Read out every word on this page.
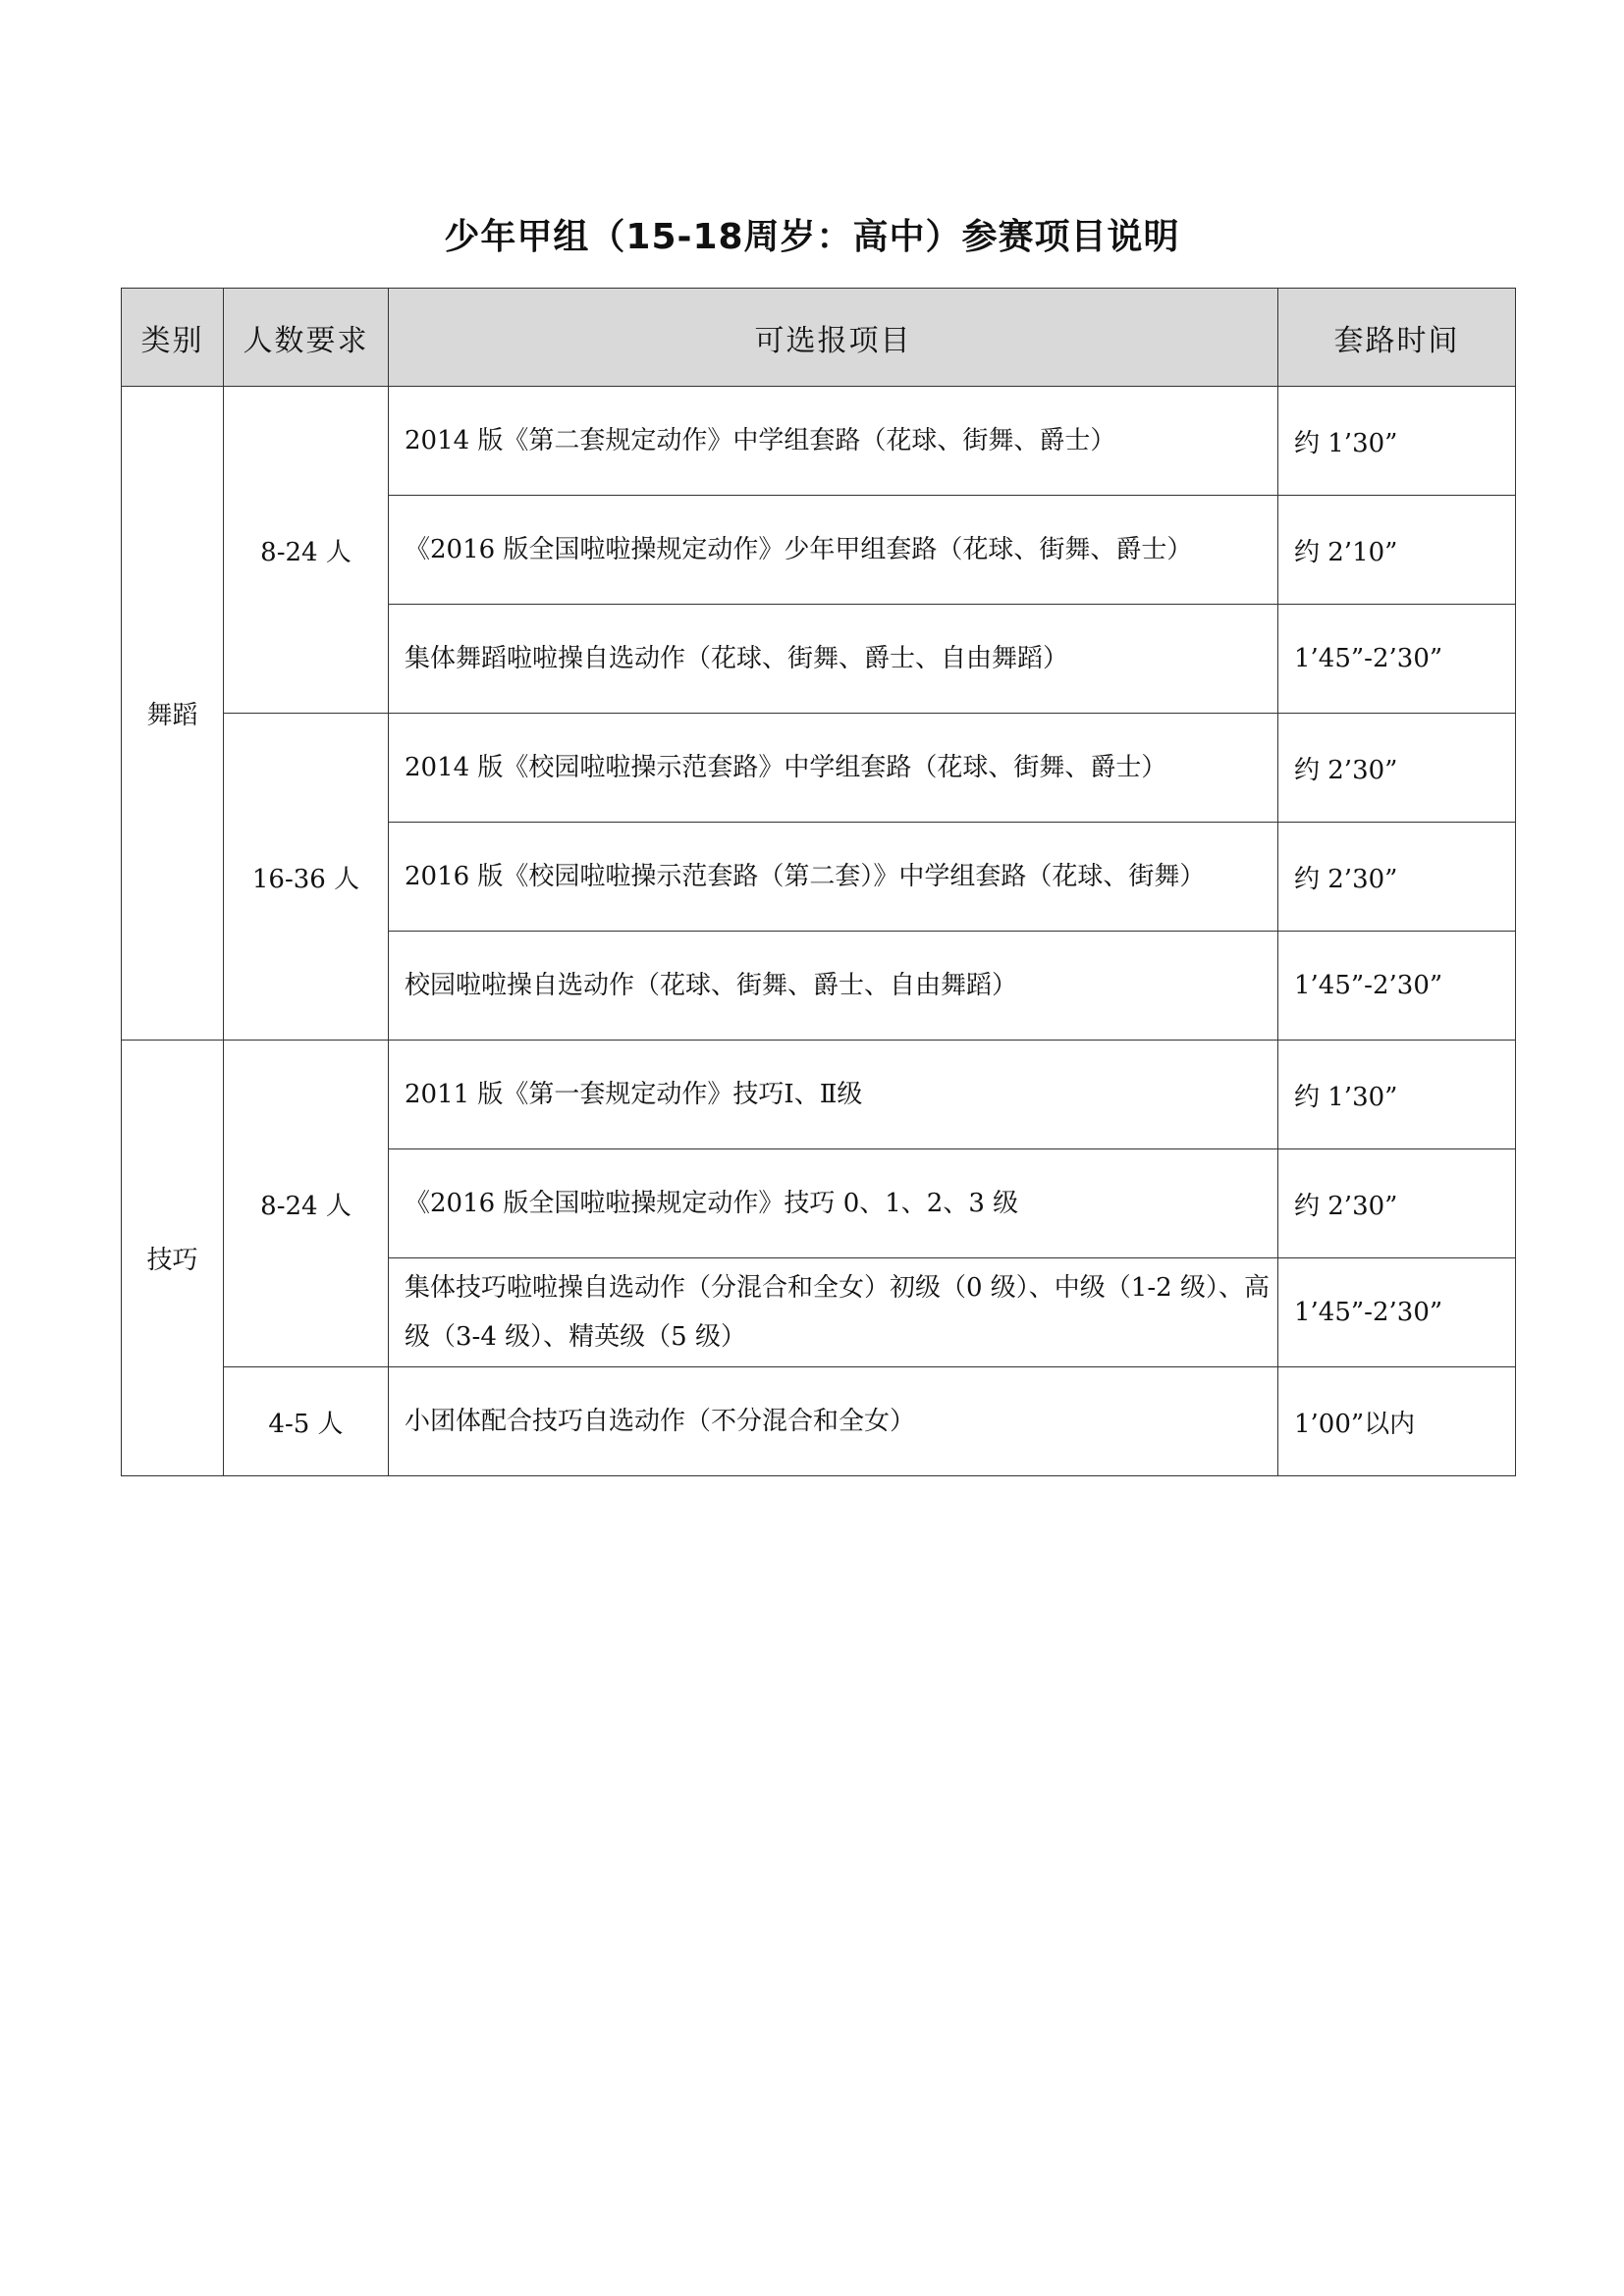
少年甲组（15-18周岁：高中）参赛项目说明
类别	人数要求	可选报项目	套路时间
舞蹈	8-24 人	2014 版《第二套规定动作》中学组套路（花球、街舞、爵士）	约 1’30”
		《2016 版全国啦啦操规定动作》少年甲组套路（花球、街舞、爵士）	约 2’10”
		集体舞蹈啦啦操自选动作（花球、街舞、爵士、自由舞蹈）	1’45”-2’30”
	16-36 人	2014 版《校园啦啦操示范套路》中学组套路（花球、街舞、爵士）	约 2’30”
		2016 版《校园啦啦操示范套路（第二套）》中学组套路（花球、街舞）	约 2’30”
		校园啦啦操自选动作（花球、街舞、爵士、自由舞蹈）	1’45”-2’30”
技巧	8-24 人	2011 版《第一套规定动作》技巧Ⅰ、Ⅱ级	约 1’30”
		《2016 版全国啦啦操规定动作》技巧 0、1、2、3 级	约 2’30”
		集体技巧啦啦操自选动作（分混合和全女）初级（0 级）、中级（1-2 级）、高级（3-4 级）、精英级（5 级）	1’45”-2’30”
	4-5 人	小团体配合技巧自选动作（不分混合和全女）	1’00”以内
